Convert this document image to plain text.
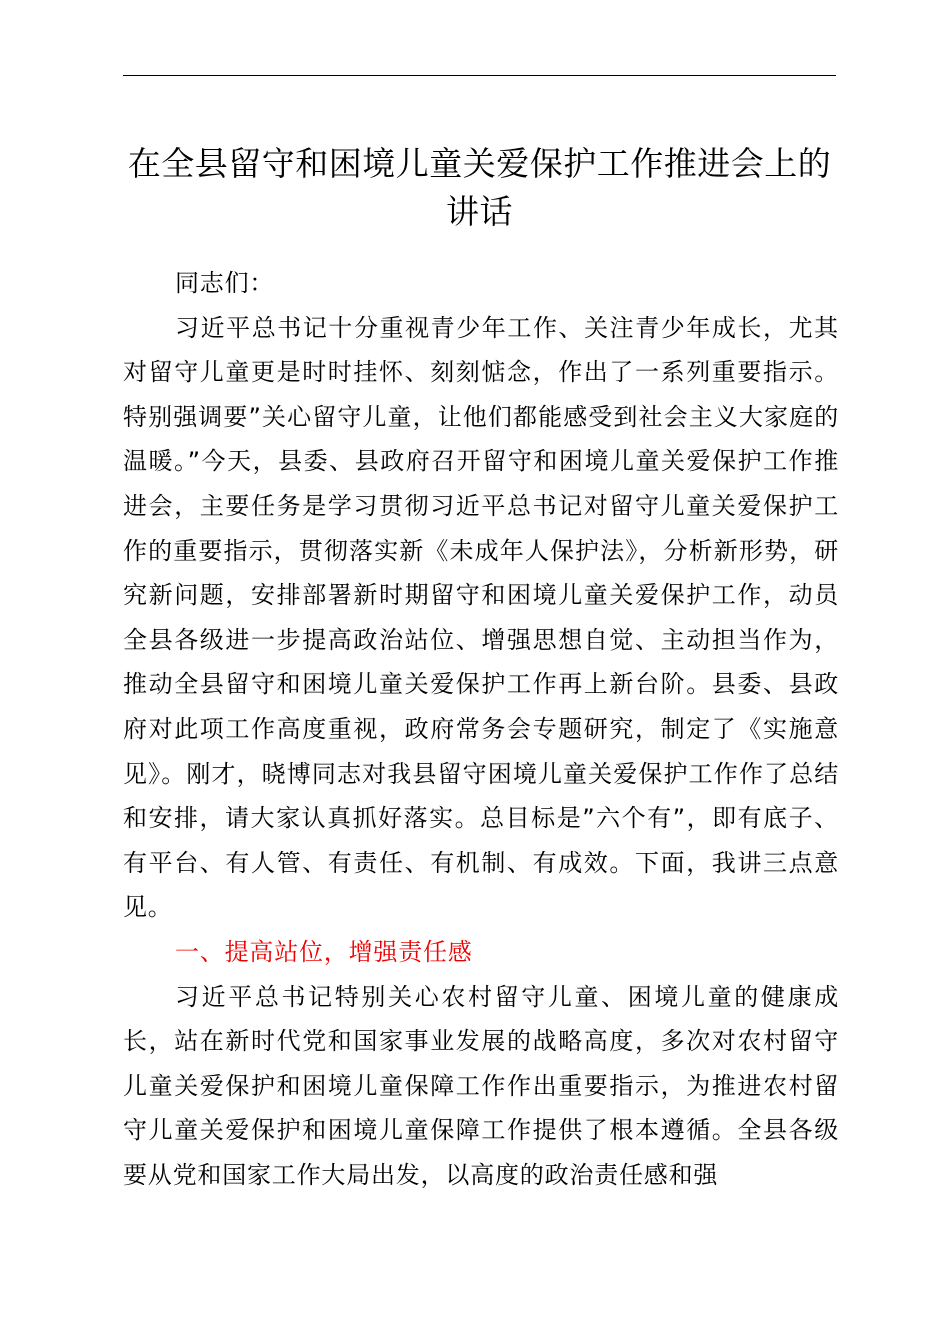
在全县留守和困境儿童关爱保护工作推进会上的讲话

同志们：

习近平总书记十分重视青少年工作、关注青少年成长，尤其对留守儿童更是时时挂怀、刻刻惦念，作出了一系列重要指示。特别强调要”关心留守儿童，让他们都能感受到社会主义大家庭的温暖。”今天，县委、县政府召开留守和困境儿童关爱保护工作推进会，主要任务是学习贯彻习近平总书记对留守儿童关爱保护工作的重要指示，贯彻落实新《未成年人保护法》，分析新形势，研究新问题，安排部署新时期留守和困境儿童关爱保护工作，动员全县各级进一步提高政治站位、增强思想自觉、主动担当作为，推动全县留守和困境儿童关爱保护工作再上新台阶。县委、县政府对此项工作高度重视，政府常务会专题研究，制定了《实施意见》。刚才，晓博同志对我县留守困境儿童关爱保护工作作了总结和安排，请大家认真抓好落实。总目标是”六个有”，即有底子、有平台、有人管、有责任、有机制、有成效。下面，我讲三点意见。

一、提高站位，增强责任感

习近平总书记特别关心农村留守儿童、困境儿童的健康成长，站在新时代党和国家事业发展的战略高度，多次对农村留守儿童关爱保护和困境儿童保障工作作出重要指示，为推进农村留守儿童关爱保护和困境儿童保障工作提供了根本遵循。全县各级要从党和国家工作大局出发，以高度的政治责任感和强
